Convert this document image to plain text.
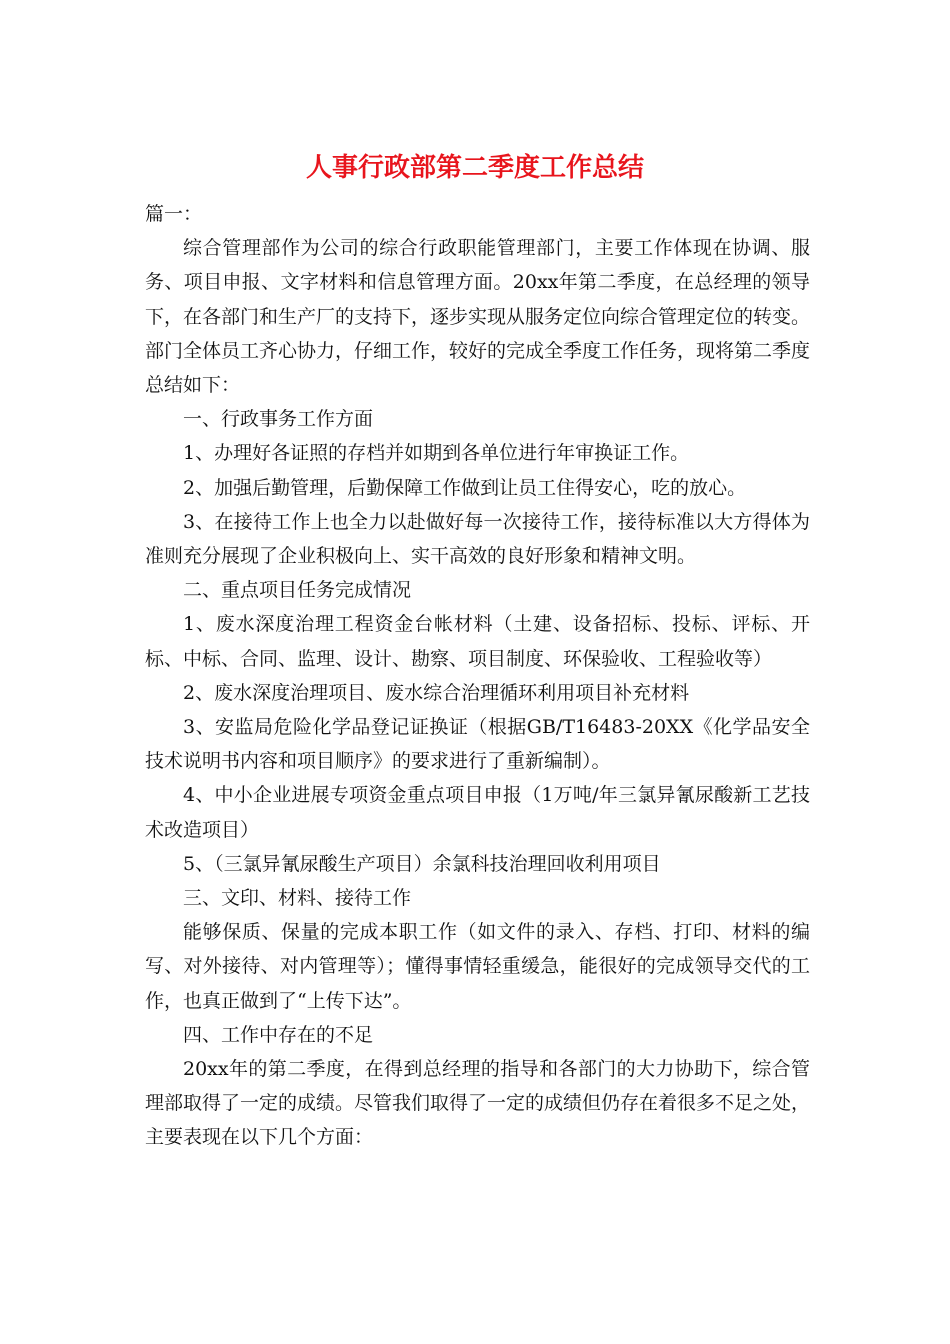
人事行政部第二季度工作总结

篇一：

综合管理部作为公司的综合行政职能管理部门，主要工作体现在协调、服务、项目申报、文字材料和信息管理方面。20xx年第二季度，在总经理的领导下，在各部门和生产厂的支持下，逐步实现从服务定位向综合管理定位的转变。部门全体员工齐心协力，仔细工作，较好的完成全季度工作任务，现将第二季度总结如下：

一、行政事务工作方面

1、办理好各证照的存档并如期到各单位进行年审换证工作。

2、加强后勤管理，后勤保障工作做到让员工住得安心，吃的放心。

3、在接待工作上也全力以赴做好每一次接待工作，接待标准以大方得体为准则充分展现了企业积极向上、实干高效的良好形象和精神文明。

二、重点项目任务完成情况

1、废水深度治理工程资金台帐材料（土建、设备招标、投标、评标、开标、中标、合同、监理、设计、勘察、项目制度、环保验收、工程验收等）

2、废水深度治理项目、废水综合治理循环利用项目补充材料

3、安监局危险化学品登记证换证（根据GB/T16483-20XX《化学品安全技术说明书内容和项目顺序》的要求进行了重新编制）。

4、中小企业进展专项资金重点项目申报（1万吨/年三氯异氰尿酸新工艺技术改造项目）

5、（三氯异氰尿酸生产项目）余氯科技治理回收利用项目

三、文印、材料、接待工作

能够保质、保量的完成本职工作（如文件的录入、存档、打印、材料的编写、对外接待、对内管理等）；懂得事情轻重缓急，能很好的完成领导交代的工作，也真正做到了“上传下达”。

四、工作中存在的不足

20xx年的第二季度，在得到总经理的指导和各部门的大力协助下，综合管理部取得了一定的成绩。尽管我们取得了一定的成绩但仍存在着很多不足之处，主要表现在以下几个方面：
